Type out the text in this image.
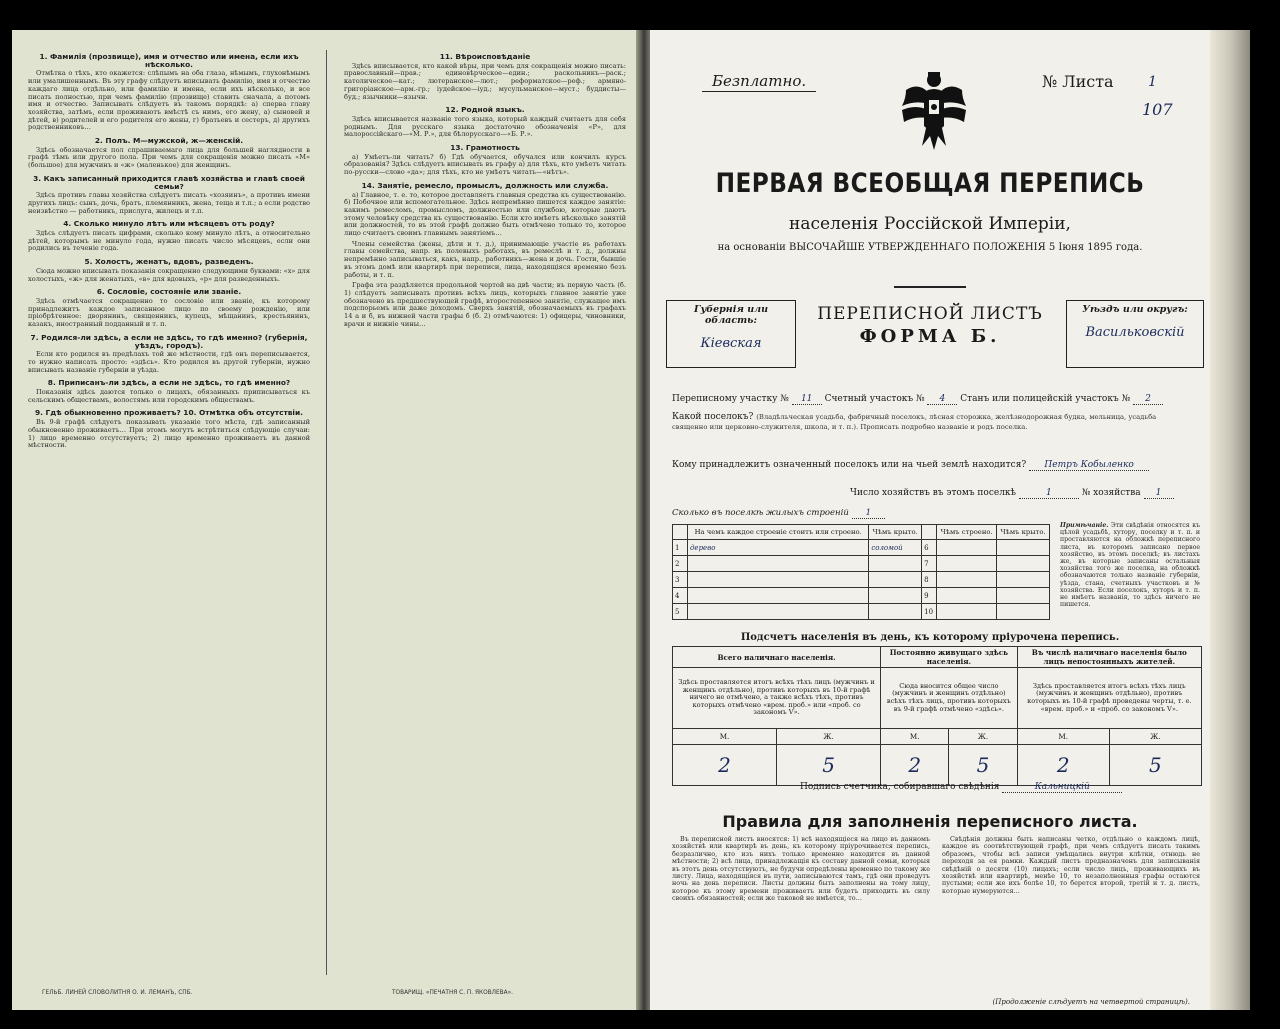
1. Фамилія (прозвище), имя и отчество или имена, если ихъ нѣсколько.

Отмѣтка о тѣхъ, кто окажется: слѣпымъ на оба глаза, нѣмымъ, глухонѣмымъ или умалишеннымъ. Въ эту графу слѣдуетъ вписывать фамилію, имя и отчество каждаго лица отдѣльно, или фамилію и имена, если ихъ нѣсколько, и все писать полностью, при чемъ фамилію (прозвище) ставить сначала, а потомъ имя и отчество. Записывать слѣдуетъ въ такомъ порядкѣ: а) сперва главу хозяйства, затѣмъ, если проживаютъ вмѣстѣ съ нимъ, его жену, а) сыновей и дѣтей, в) родителей и его родителя его жены, г) братьевъ и сестеръ, д) другихъ родственниковъ…

2. Полъ. М—мужской, ж—женскій.

Здѣсь обозначается пол спрашиваемаго лица для большей наглядности в графѣ тѣмъ или другого пола. При чемъ для сокращенія можно писать «М» (большое) для мужчинъ и «ж» (маленькое) для женщинъ.

3. Какъ записанный приходится главѣ хозяйства и главѣ своей семьи?

Здѣсь противъ главы хозяйства слѣдуетъ писать «хозяинъ», а противъ имени другихъ лицъ: сынъ, дочь, братъ, племянникъ, жена, теща и т.п.; а если родство неизвѣстно — работникъ, прислуга, жилецъ и т.п.

4. Сколько минуло лѣтъ или мѣсяцевъ отъ роду?

Здѣсь слѣдуетъ писать цифрами, сколько кому минуло лѣтъ, а относительно дѣтей, которымъ не минуло года, нужно писать число мѣсяцевъ, если они родились въ теченіе года.

5. Холостъ, женатъ, вдовъ, разведенъ.

Сюда можно вписывать показанія сокращенно следующими буквами: «х» для холостыхъ, «ж» для женатыхъ, «в» для вдовыхъ, «р» для разведенныхъ.

6. Сословіе, состояніе или званіе.

Здѣсь отмѣчается сокращенно то сословіе или званіе, къ которому принадлежитъ каждое записанное лицо по своему рожденію, или пріобрѣтенное: дворянинъ, священникъ, купецъ, мѣщанинъ, крестьянинъ, казакъ, иностранный подданный и т. п.

7. Родился-ли здѣсь, а если не здѣсь, то гдѣ именно? (губернія, уѣздъ, городъ).

Если кто родился въ предѣлахъ той же мѣстности, гдѣ онъ переписывается, то нужно написать просто: «здѣсь». Кто родился въ другой губерніи, нужно вписывать названіе губерніи и уѣзда.

8. Приписанъ-ли здѣсь, а если не здѣсь, то гдѣ именно?

Показанія здѣсь даются только о лицахъ, обязанныхъ приписываться къ сельскимъ обществамъ, волостямъ или городскимъ обществамъ.

9. Гдѣ обыкновенно проживаетъ? 10. Отмѣтка объ отсутствіи.

Въ 9-й графѣ слѣдуетъ показывать указаніе того мѣста, гдѣ записанный обыкновенно проживаетъ… При этомъ могутъ встрѣтиться слѣдующіе случаи: 1) лицо временно отсутствуетъ; 2) лицо временно проживаетъ въ данной мѣстности.

11. Вѣроисповѣданіе

Здѣсь вписывается, кто какой вѣры, при чемъ для сокращенія можно писать: православный—прав.; единовѣрческое—един.; раскольникъ—раск.; католическое—кат.; лютеранское—лют.; реформатское—реф.; армяно-григоріанское—арм.-гр.; іудейское—іуд.; мусульманское—муст.; буддисты—буд.; язычники—язычн.

12. Родной языкъ.

Здѣсь вписывается названіе того языка, который каждый считаетъ для себя роднымъ. Для русскаго языка достаточно обозначенія «Р», для малороссійскаго—«М. Р.», для бѣлорусскаго—«Б. Р.».

13. Грамотность

а) Умѣетъ-ли читать? б) Гдѣ обучается, обучался или кончилъ курсъ образованія? Здѣсь слѣдуетъ вписывать въ графу а) для тѣхъ, кто умѣетъ читать по-русски—слово «да»; для тѣхъ, кто не умѣетъ читать—«нѣтъ».

14. Занятіе, ремесло, промыслъ, должность или служба.

а) Главное, т. е. то, которое доставляетъ главныя средства къ существованію. б) Побочное или вспомогательное. Здѣсь непремѣнно пишется каждое занятіе: какимъ ремесломъ, промысломъ, должностью или службою, которые даютъ этому человѣку средства къ существованію. Если кто имѣетъ нѣсколько занятій или должностей, то въ этой графѣ должно быть отмѣчено только то, которое лицо считаетъ своимъ главнымъ занятіемъ…

Члены семейства (жены, дѣти и т. д.), принимающіе участіе въ работахъ главы семейства, напр. въ полевыхъ работахъ, въ ремеслѣ и т. д., должны непремѣнно записываться, какъ, напр., работникъ—жена и дочь. Гости, бывшіе въ этомъ домѣ или квартирѣ при переписи, лица, находящіяся временно безъ работы, и т. п.

Графа эта раздѣляется продольной чертой на двѣ части; въ первую часть (б. 1) слѣдуетъ записывать противъ всѣхъ лицъ, которыхъ главное занятіе уже обозначено въ предшествующей графѣ, второстепенное занятіе, служащее имъ подспорьемъ или даже доходомъ. Сверхъ занятій, обозначаемыхъ въ графахъ 14 а и б, въ нижней части графы б (б. 2) отмѣчаются: 1) офицеры, чиновники, врачи и нижніе чины…

ГЕЛЬБ. ЛИНЕЙ СЛОВОЛИТНЯ О. И. ЛЕМАНЪ, СПБ.	ТОВАРИЩ. «ПЕЧАТНЯ С. П. ЯКОВЛЕВА».
Безплатно.	№ Листа 1
107
ПЕРВАЯ ВСЕОБЩАЯ ПЕРЕПИСЬ
населенія Россійской Имперіи,
на основаніи ВЫСОЧАЙШЕ УТВЕРЖДЕННАГО ПОЛОЖЕНІЯ 5 Іюня 1895 года.
Губернія или область:
Кіевская
ПЕРЕПИСНОЙ ЛИСТЪ
ФОРМА Б.
Уѣздъ или округъ:
Васильковскій
Переписному участку № 11 Счетный участокъ № 4 Станъ или полицейскій участокъ № 2
Какой поселокъ? (Владѣльческая усадьба, фабричный поселокъ, лѣсная сторожка, желѣзнодорожная будка, мельница, усадьба священно или церковно-служителя, школа, и т. п.). Прописать подробно названіе и родъ поселка.
Кому принадлежитъ означенный поселокъ или на чьей землѣ находится? Петръ Кобыленко
Число хозяйствъ въ этомъ поселкѣ	1	№ хозяйства 1
Сколько въ поселкѣ жилыхъ строеній 1
	На чемъ каждое строеніе стоитъ или строено.	Чѣмъ крыто.		Чѣмъ строено.	Чѣмъ крыто.
1	дерево	соломой	6		
2			7		
3			8		
4			9		
5			10		
Примѣчаніе. Эти свѣдѣнія относятся къ цѣлой усадьбѣ, хутору, поселку и т. п. и проставляются на обложкѣ переписного листа, въ которомъ записано первое хозяйство, въ этомъ поселкѣ; въ листахъ же, въ которые записаны остальныя хозяйства того же поселка, на обложкѣ обозначаются только названіе губерніи, уѣзда, стана, счетныхъ участковъ и № хозяйства. Если поселокъ, хуторъ и т. п. не имѣетъ названія, то здѣсь ничего не пишется.
Подсчетъ населенія въ день, къ которому пріурочена перепись.
Всего наличнаго населенія.		Постоянно живущаго здѣсь населенія.		Въ числѣ наличнаго населенія было лицъ непостоянныхъ жителей.	
Здѣсь проставляется итогъ всѣхъ тѣхъ лицъ (мужчинъ и женщинъ отдѣльно), противъ которыхъ въ 10-й графѣ ничего не отмѣчено, а также всѣхъ тѣхъ, противъ которыхъ отмѣчено «врем. проб.» или «проб. со закономъ V».		Сюда вносится общее число (мужчинъ и женщинъ отдѣльно) всѣхъ тѣхъ лицъ, противъ которыхъ въ 9-й графѣ отмѣчено «здѣсь».		Здѣсь проставляется итогъ всѣхъ тѣхъ лицъ (мужчинъ и женщинъ отдѣльно), противъ которыхъ въ 10-й графѣ проведены черты, т. е. «врем. проб.» и «проб. со закономъ V».	
М.	Ж.	М.	Ж.	М.	Ж.
2	5	2	5	2	5
Подпись счетчика, собиравшаго свѣдѣнія	Кальницкій
Правила для заполненія переписного листа.

Въ переписной листъ вносятся: 1) всѣ находящіеся на лицо въ данномъ хозяйствѣ или квартирѣ въ день, къ которому пріурочивается перепись, безразлично, кто изъ нихъ только временно находится въ данной мѣстности; 2) всѣ лица, принадлежащія къ составу данной семьи, которыя въ этотъ день отсутствуютъ, не будучи опредѣлены временно по такому же листу. Лица, находящіяся въ пути, записываются тамъ, гдѣ они проведутъ ночь на день переписи. Листы должны быть заполнены на тому лицу, которое къ этому времени проживаетъ или будетъ приходить въ силу своихъ обязанностей; если же таковой не имѣется, то…

Свѣдѣнія должны быть написаны четко, отдѣльно о каждомъ лицѣ, каждое въ соотвѣтствующей графѣ, при чемъ слѣдуетъ писать такимъ образомъ, чтобы всѣ записи умѣщались внутри клѣтки, отнюдь не переходя за ея рамки. Каждый листъ предназначенъ для записыванія свѣдѣній о десяти (10) лицахъ; если число лицъ, проживающихъ въ хозяйствѣ или квартирѣ, менѣе 10, то незаполненныя графы остаются пустыми; если же ихъ болѣе 10, то берется второй, третій и т. д. листъ, которые нумеруются…

(Продолженіе слѣдуетъ на четвертой страницѣ).
